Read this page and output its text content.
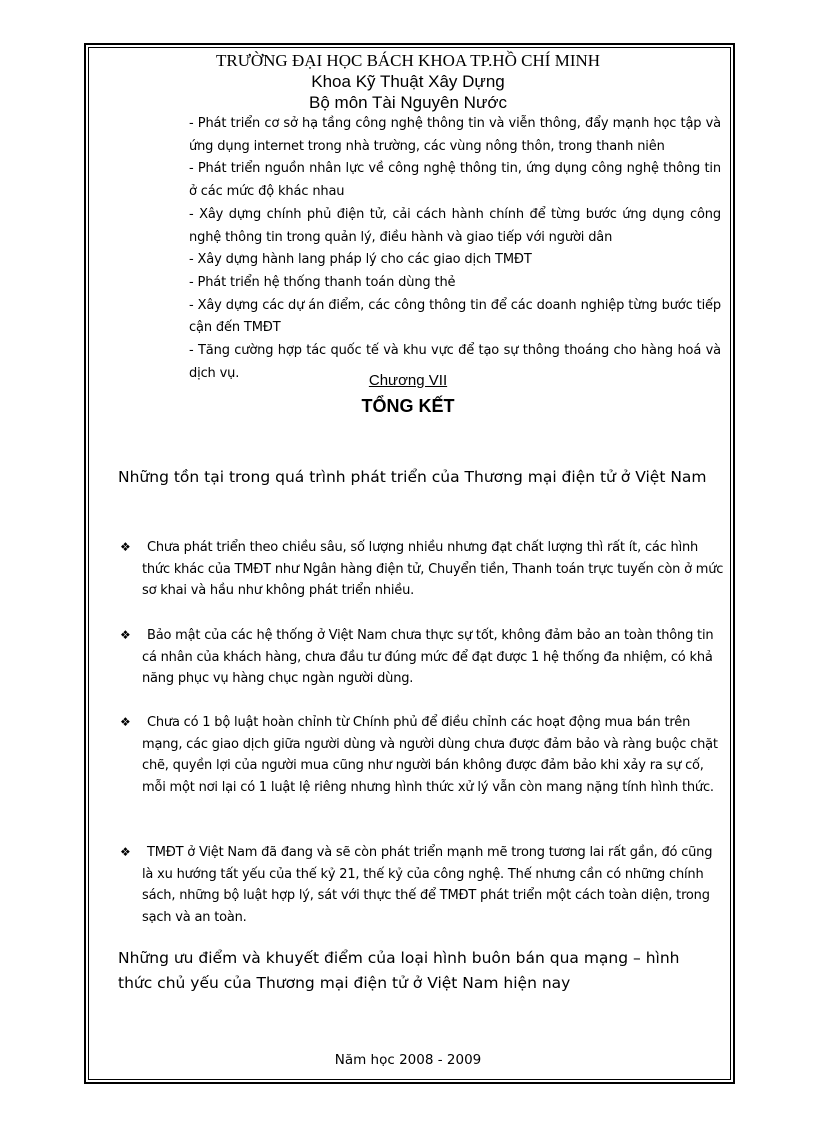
TRƯỜNG ĐẠI HỌC BÁCH KHOA TP.HỒ CHÍ MINH
Khoa Kỹ Thuật Xây Dựng
Bộ môn Tài Nguyên Nước

- Phát triển cơ sở hạ tầng công nghệ thông tin và viễn thông, đẩy mạnh học tập và ứng dụng internet trong nhà trường, các vùng nông thôn, trong thanh niên

- Phát triển nguồn nhân lực về công nghệ thông tin, ứng dụng công nghệ thông tin ở các mức độ khác nhau

- Xây dựng chính phủ điện tử, cải cách hành chính để từng bước ứng dụng công nghệ thông tin trong quản lý, điều hành và giao tiếp với người dân

- Xây dựng hành lang pháp lý cho các giao dịch TMĐT

- Phát triển hệ thống thanh toán dùng thẻ

- Xây dựng các dự án điểm, các công thông tin để các doanh nghiệp từng bước tiếp cận đến TMĐT

- Tăng cường hợp tác quốc tế và khu vực để tạo sự thông thoáng cho hàng hoá và dịch vụ.	Chương VII
TỔNG KẾT
Những tồn tại trong quá trình phát triển của Thương mại điện tử ở Việt Nam
❖	Chưa phát triển theo chiều sâu, số lượng nhiều nhưng đạt chất lượng thì rất ít, các hình thức khác của TMĐT như Ngân hàng điện tử, Chuyển tiền, Thanh toán trực tuyến còn ở mức sơ khai và hầu như không phát triển nhiều.
❖	Bảo mật của các hệ thống ở Việt Nam chưa thực sự tốt, không đảm bảo an toàn thông tin cá nhân của khách hàng, chưa đầu tư đúng mức để đạt được 1 hệ thống đa nhiệm, có khả năng phục vụ hàng chục ngàn người dùng.
❖	Chưa có 1 bộ luật hoàn chỉnh từ Chính phủ để điều chỉnh các hoạt động mua bán trên mạng, các giao dịch giữa người dùng và người dùng chưa được đảm bảo và ràng buộc chặt chẽ, quyền lợi của người mua cũng như người bán không được đảm bảo khi xảy ra sự cố, mỗi một nơi lại có 1 luật lệ riêng nhưng hình thức xử lý vẫn còn mang nặng tính hình thức.
❖	TMĐT ở Việt Nam đã đang và sẽ còn phát triển mạnh mẽ trong tương lai rất gần, đó cũng là xu hướng tất yếu của thế kỷ 21, thế kỷ của công nghệ. Thế nhưng cần có những chính sách, những bộ luật hợp lý, sát với thực thế để TMĐT phát triển một cách toàn diện, trong sạch và an toàn.
Những ưu điểm và khuyết điểm của loại hình buôn bán qua mạng – hình thức chủ yếu của Thương mại điện tử ở Việt Nam hiện nay
Năm học 2008 - 2009
